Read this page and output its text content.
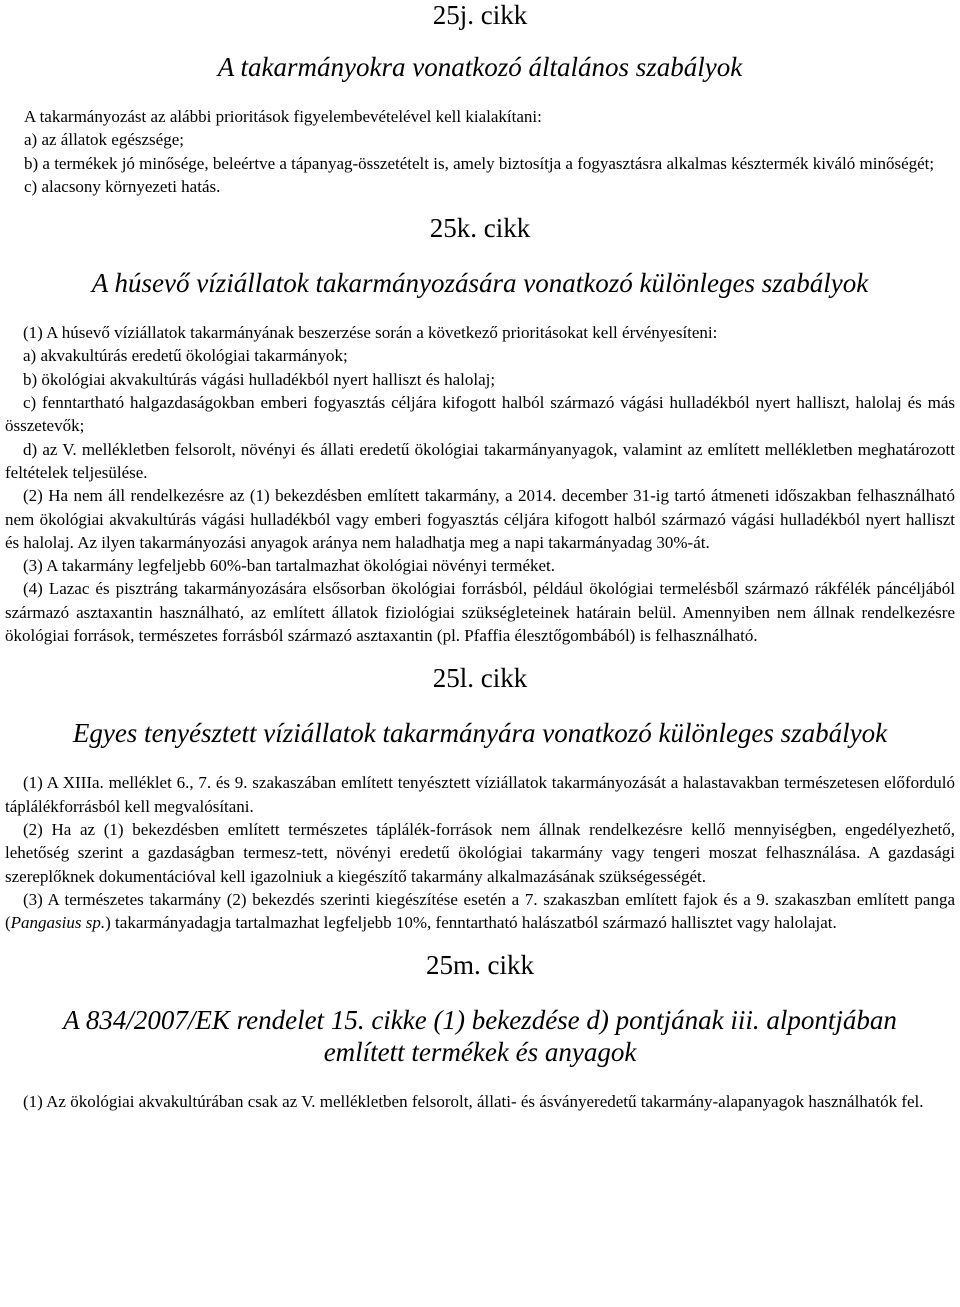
25j. cikk
A takarmányokra vonatkozó általános szabályok

A takarmányozást az alábbi prioritások figyelembevételével kell kialakítani:

a) az állatok egészsége;

b) a termékek jó minősége, beleértve a tápanyag-összetételt is, amely biztosítja a fogyasztásra alkalmas késztermék kiváló minőségét;

c) alacsony környezeti hatás.

25k. cikk
A húsevő víziállatok takarmányozására vonatkozó különleges szabályok

(1) A húsevő víziállatok takarmányának beszerzése során a következő prioritásokat kell érvényesíteni:

a) akvakultúrás eredetű ökológiai takarmányok;

b) ökológiai akvakultúrás vágási hulladékból nyert halliszt és halolaj;

c) fenntartható halgazdaságokban emberi fogyasztás céljára kifogott halból származó vágási hulladékból nyert halliszt, halolaj és más összetevők;

d) az V. mellékletben felsorolt, növényi és állati eredetű ökológiai takarmányanyagok, valamint az említett mellékletben meghatározott feltételek teljesülése.

(2) Ha nem áll rendelkezésre az (1) bekezdésben említett takarmány, a 2014. december 31-ig tartó átmeneti időszakban felhasználható nem ökológiai akvakultúrás vágási hulladékból vagy emberi fogyasztás céljára kifogott halból származó vágási hulladékból nyert halliszt és halolaj. Az ilyen takarmányozási anyagok aránya nem haladhatja meg a napi takarmányadag 30%-át.

(3) A takarmány legfeljebb 60%-ban tartalmazhat ökológiai növényi terméket.

(4) Lazac és pisztráng takarmányozására elsősorban ökológiai forrásból, például ökológiai termelésből származó rákfélék páncéljából származó asztaxantin használható, az említett állatok fiziológiai szükségleteinek határain belül. Amennyiben nem állnak rendelkezésre ökológiai források, természetes forrásból származó asztaxantin (pl. Pfaffia élesztőgombából) is felhasználható.

25l. cikk
Egyes tenyésztett víziállatok takarmányára vonatkozó különleges szabályok

(1) A XIIIa. melléklet 6., 7. és 9. szakaszában említett tenyésztett víziállatok takarmányozását a halastavakban természetesen előforduló táplálékforrásból kell megvalósítani.

(2) Ha az (1) bekezdésben említett természetes táplálék-források nem állnak rendelkezésre kellő mennyiségben, engedélyezhető, lehetőség szerint a gazdaságban termesz-tett, növényi eredetű ökológiai takarmány vagy tengeri moszat felhasználása. A gazdasági szereplőknek dokumentációval kell igazolniuk a kiegészítő takarmány alkalmazásának szükségességét.

(3) A természetes takarmány (2) bekezdés szerinti kiegészítése esetén a 7. szakaszban említett fajok és a 9. szakaszban említett panga (Pangasius sp.) takarmányadagja tartalmazhat legfeljebb 10%, fenntartható halászatból származó hallisztet vagy halolajat.

25m. cikk
A 834/2007/EK rendelet 15. cikke (1) bekezdése d) pontjának iii. alpontjában
említett termékek és anyagok

(1) Az ökológiai akvakultúrában csak az V. mellékletben felsorolt, állati- és ásványeredetű takarmány-alapanyagok használhatók fel.
